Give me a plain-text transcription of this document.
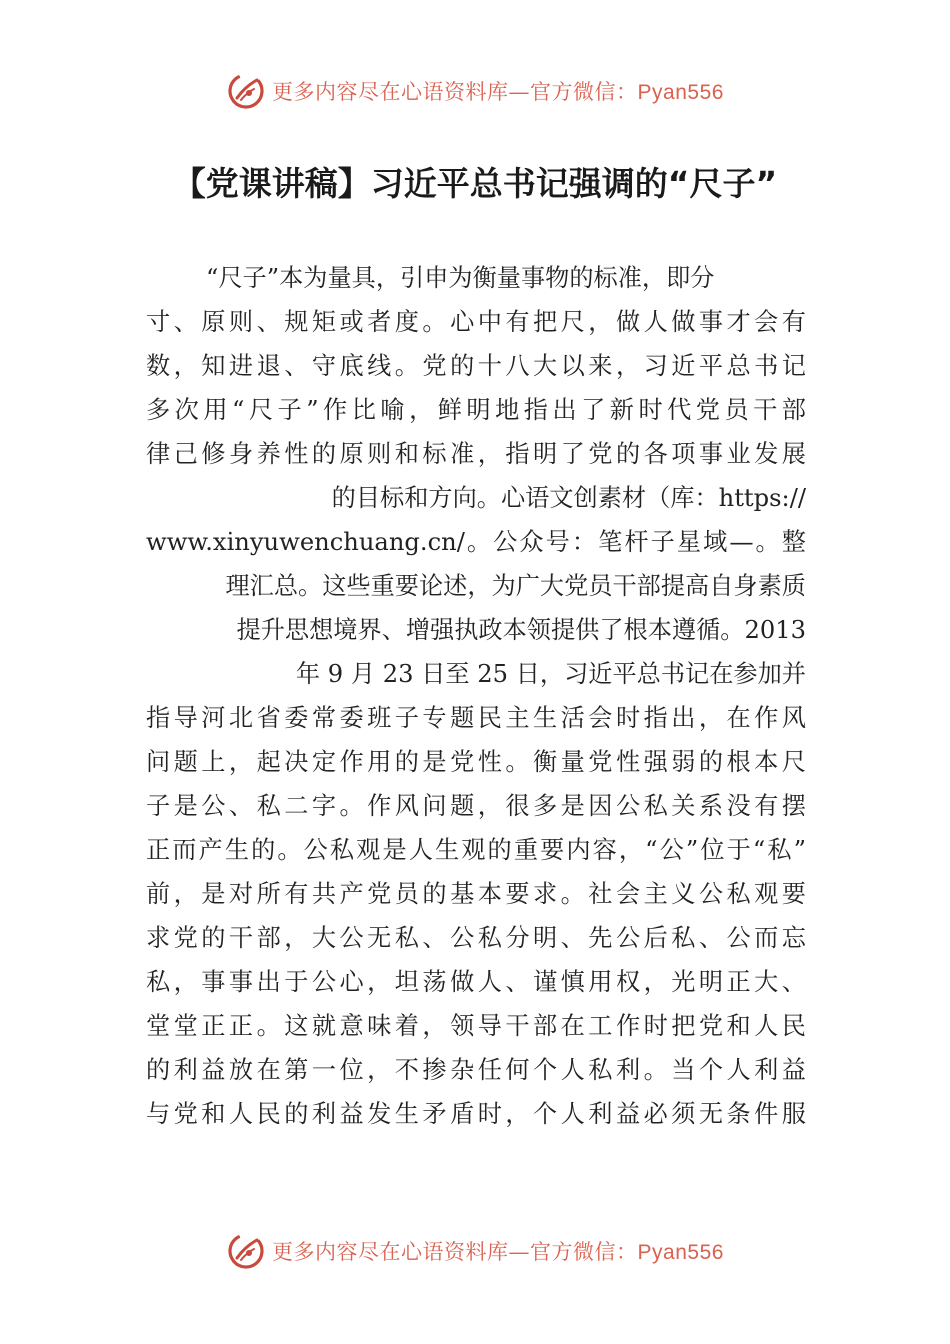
更多内容尽在心语资料库—官方微信：Pyan556
【党课讲稿】习近平总书记强调的“尺子”
“尺子”本为量具，引申为衡量事物的标准，即分
寸、原则、规矩或者度。心中有把尺，做人做事才会有
数，知进退、守底线。党的十八大以来，习近平总书记
多次用“尺子”作比喻，鲜明地指出了新时代党员干部
律己修身养性的原则和标准，指明了党的各项事业发展
的目标和方向。心语文创素材（库：https://
www.xinyuwenchuang.cn/。公众号：笔杆子星域—。整
理汇总。这些重要论述，为广大党员干部提高自身素质
提升思想境界、增强执政本领提供了根本遵循。2013
年 9 月 23 日至 25 日，习近平总书记在参加并
指导河北省委常委班子专题民主生活会时指出，在作风
问题上，起决定作用的是党性。衡量党性强弱的根本尺
子是公、私二字。作风问题，很多是因公私关系没有摆
正而产生的。公私观是人生观的重要内容，“公”位于“私”
前，是对所有共产党员的基本要求。社会主义公私观要
求党的干部，大公无私、公私分明、先公后私、公而忘
私，事事出于公心，坦荡做人、谨慎用权，光明正大、
堂堂正正。这就意味着，领导干部在工作时把党和人民
的利益放在第一位，不掺杂任何个人私利。当个人利益
与党和人民的利益发生矛盾时，个人利益必须无条件服
更多内容尽在心语资料库—官方微信：Pyan556
